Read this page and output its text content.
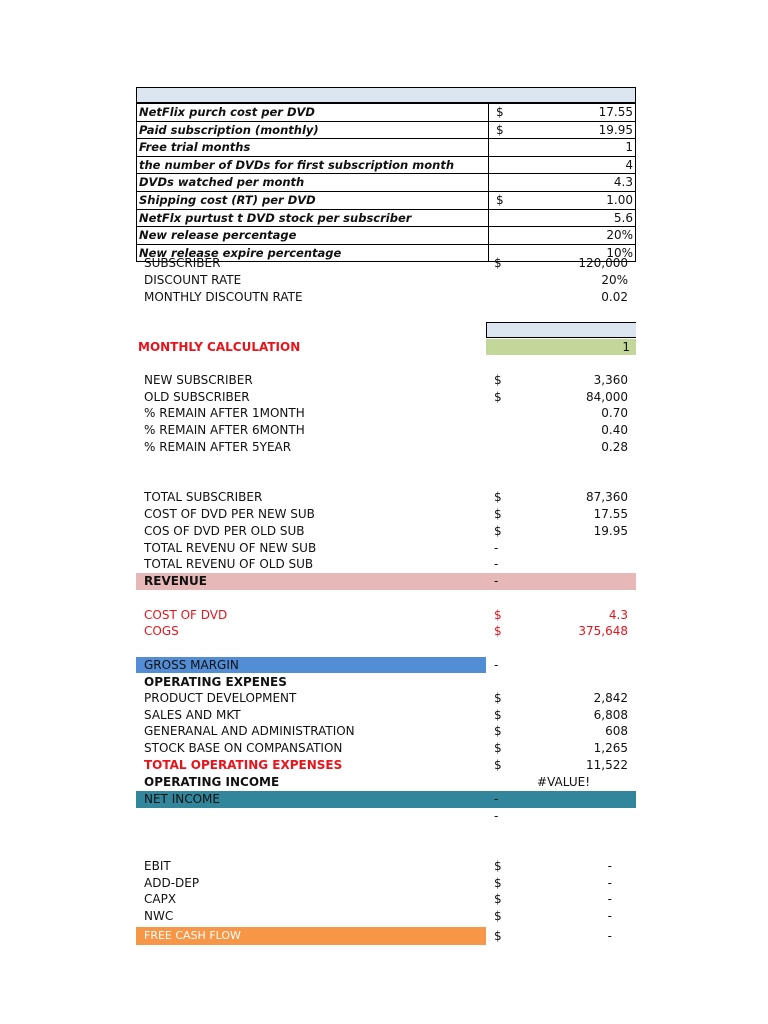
NetFlix purch cost per DVD	$	17.55
Paid subscription (monthly)	$	19.95
Free trial months	1
the number of DVDs for first subscription month	4
DVDs watched per month	4.3
Shipping cost (RT) per DVD	$	1.00
NetFlx purtust t DVD stock per subscriber	5.6
New release percentage	20%
New release expire percentage	10%
SUBSCRIBER	$	120,000
DISCOUNT RATE	20%
MONTHLY DISCOUTN RATE	0.02
MONTHLY CALCULATION	1
NEW SUBSCRIBER	$	3,360
OLD SUBSCRIBER	$	84,000
% REMAIN AFTER 1MONTH	0.70
% REMAIN AFTER 6MONTH	0.40
% REMAIN AFTER 5YEAR	0.28
TOTAL SUBSCRIBER	$	87,360
COST OF DVD PER NEW SUB	$	17.55
COS OF DVD PER OLD SUB	$	19.95
TOTAL REVENU OF NEW SUB	-
TOTAL REVENU OF OLD SUB	-
REVENUE	-
COST OF DVD	$	4.3
COGS	$	375,648
GROSS MARGIN	-
OPERATING EXPENES
PRODUCT DEVELOPMENT	$	2,842
SALES AND MKT	$	6,808
GENERANAL AND ADMINISTRATION	$	608
STOCK BASE ON COMPANSATION	$	1,265
TOTAL OPERATING EXPENSES	$	11,522
OPERATING INCOME	#VALUE!
NET INCOME	-
-
EBIT	$	-
ADD-DEP	$	-
CAPX	$	-
NWC	$	-
FREE CASH FLOW	$	-
